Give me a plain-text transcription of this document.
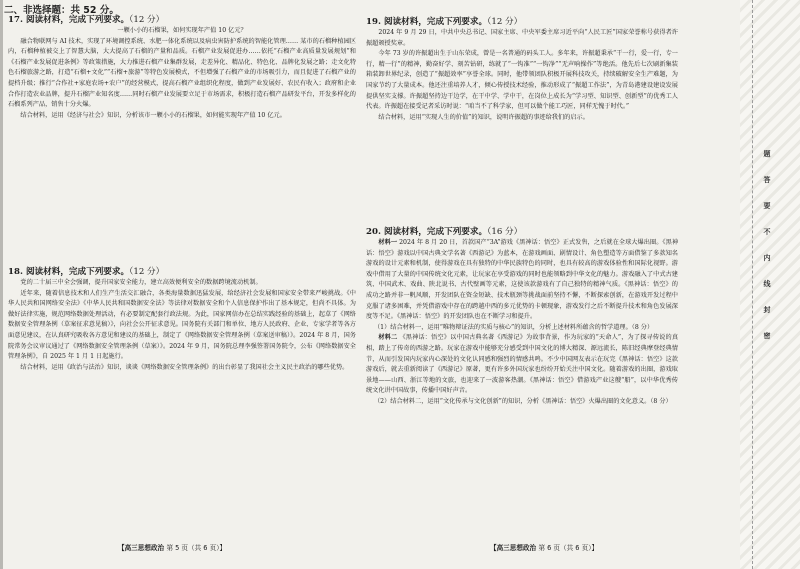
二、非选择题：共 52 分。
17. 阅读材料，完成下列要求。（12 分）
一颗小小的石榴果，如何实现年产值 10 亿元？
融合物联网与 AI 技术，实现了环境调控系统、水肥一体化系统以及病虫害防护系统的智能化管理…… 某市的石榴种植园区内，石榴种植被交上了智慧大脑，大大提高了石榴的产量和品质。石榴产业发展促进办……依托“石榴产业高质量发展规划”和《石榴产业发展促进条例》等政策措施，大力推进石榴产业集群发展，走差异化、精品化、特色化、品牌化发展之路；走文化特色石榴旅游之路，打造“石榴+文化”“石榴+旅游”等特色发展模式，不但增强了石榴产业的市场吸引力，而且促进了石榴产业的提档升级；推行“合作社+家庭农场+农户”的经营模式，提高石榴产业组织化程度，做到产业发展好、农民有收入；政府和企业合作打造农业品牌，提升石榴产业知名度……同时石榴产业发展要立足于市场需求，积极打造石榴产品研发平台，开发多样化的石榴系列产品，销售十分火爆。
结合材料，运用《经济与社会》知识，分析该市一颗小小的石榴果，如何能实现年产值 10 亿元。
18. 阅读材料，完成下列要求。（12 分）
党的二十届三中全会强调，提升国家安全能力，建立高效便利安全的数据跨境流动机制。
近年来，随着信息技术和人们生产生活交汇融合，各类海量数据迅猛发展，给经济社会发展和国家安全带来严峻挑战。《中华人民共和国网络安全法》《中华人民共和国数据安全法》等法律对数据安全和个人信息保护作出了基本规定，但尚不具体。为做好法律实施，规范网络数据处理活动，有必要制定配套行政法规。为此，国家网信办在总结实践经验的基础上，起草了《网络数据安全管理条例（草案征求意见稿）》，向社会公开征求意见。国务院有关部门和单位、地方人民政府、企业、专家学者等各方面意见建议，在认真研究吸收各方意见和建议的基础上，制定了《网络数据安全管理条例（草案送审稿）》。2024 年 8 月，国务院常务会议审议通过了《网络数据安全管理条例（草案）》。2024 年 9 月，国务院总理李强签署国务院令，公布《网络数据安全管理条例》，自 2025 年 1 月 1 日起施行。
结合材料，运用《政治与法治》知识，谈谈《网络数据安全管理条例》的出台彰显了我国社会主义民主政治的哪些优势。
【高三思想政治 第 5 页（共 6 页）】
19. 阅读材料，完成下列要求。（12 分）
2024 年 9 月 29 日，中共中央总书记、国家主席、中央军委主席习近平向“人民工匠”国家荣誉称号获得者许振超颁授奖章。
今年 73 岁的许振超出生于山东荣成，曾是一名普通的码头工人。多年来，许振超秉承“干一行，爱一行，专一行，精一行”的精神，勤奋好学、刻苦钻研，练就了“一钩准”“一钩净”“无声响操作”等绝活。他先后七次刷新集装箱装卸世界纪录，创造了“振超效率”享誉全球。同时，他带领团队积极开展科技攻关，持续破解安全生产难题，为国家节约了大量成本。他还注重培养人才，倾心传授技术经验，推动形成了“振超工作法”，为青岛港建设建设发展提供坚实支撑。许振超坚持边干边学，在干中学、学中干，在岗位上成长为“学习型、知识型、创新型”的优秀工人代表。许振超在接受记者采访时说：“咱当不了科学家，但可以做个能工巧匠，同样无愧于时代。”
结合材料，运用“实现人生的价值”的知识，说明许振超的事迹给我们的启示。
20. 阅读材料，完成下列要求。（16 分）
材料一 2024 年 8 月 20 日，首款国产“3A”游戏《黑神话：悟空》正式发售，之后就在全球大爆出圈。《黑神话：悟空》游戏以中国古典文学名著《西游记》为蓝本，在游戏画面、剧情设计、角色塑造等方面借鉴了多款知名游戏的设计元素和机制，使得游戏在具有独特的中华民族特色的同时，也具有较高的游戏体验性和国际化视野。游戏中借用了大量的中国传统文化元素，让玩家在享受游戏的同时也能领略到中华文化的魅力。游戏融入了中式古建筑、中国武术、戏曲、陕北说书、古代壁画等元素，这使该款游戏有了自己独特的精神气质。《黑神话：悟空》的成功之路并非一帆风顺，开发团队在资金短缺、技术瓶颈等挑战面前坚持不懈，不断探索创新，在游戏开发过程中克服了诸多困难，并凭借游戏中存在的跨越中西的多元优势的卡顿现象，游戏发行之后不断提升技术和角色发展深度等不足。《黑神话：悟空》的开发团队也在不断学习和提升。
（1）结合材料一，运用“唯物辩证法的实质与核心”的知识，分析上述材料所蕴含的哲学道理。（8 分）
材料二 《黑神话：悟空》以中国古典名著《西游记》为故事背景，作为玩家的“天命人”，为了探寻传说的真相，踏上了传奇的西游之路。玩家在游戏中能够充分感受到中国文化的博大精深、源远流长，陈旧经典摩登经典情节，从而引发国内玩家内心深处的文化认同感和强烈的情感共鸣。不少中国网友表示在玩完《黑神话：悟空》这款游戏后，就去重新阅读了《西游记》原著，更有许多外国玩家也纷纷开始关注中国文化。随着游戏的出圈，游戏取景地——山西、浙江等地的文旅，也迎来了一波游客热潮。《黑神话：悟空》借游戏产业这艘“船”，以中华优秀传统文化讲中国故事，传播中国好声音。
（2）结合材料二，运用“文化传承与文化创新”的知识，分析《黑神话：悟空》火爆出圈的文化意义。（8 分）
【高三思想政治 第 6 页（共 6 页）】
题　答　要　不　内　线　封　密
